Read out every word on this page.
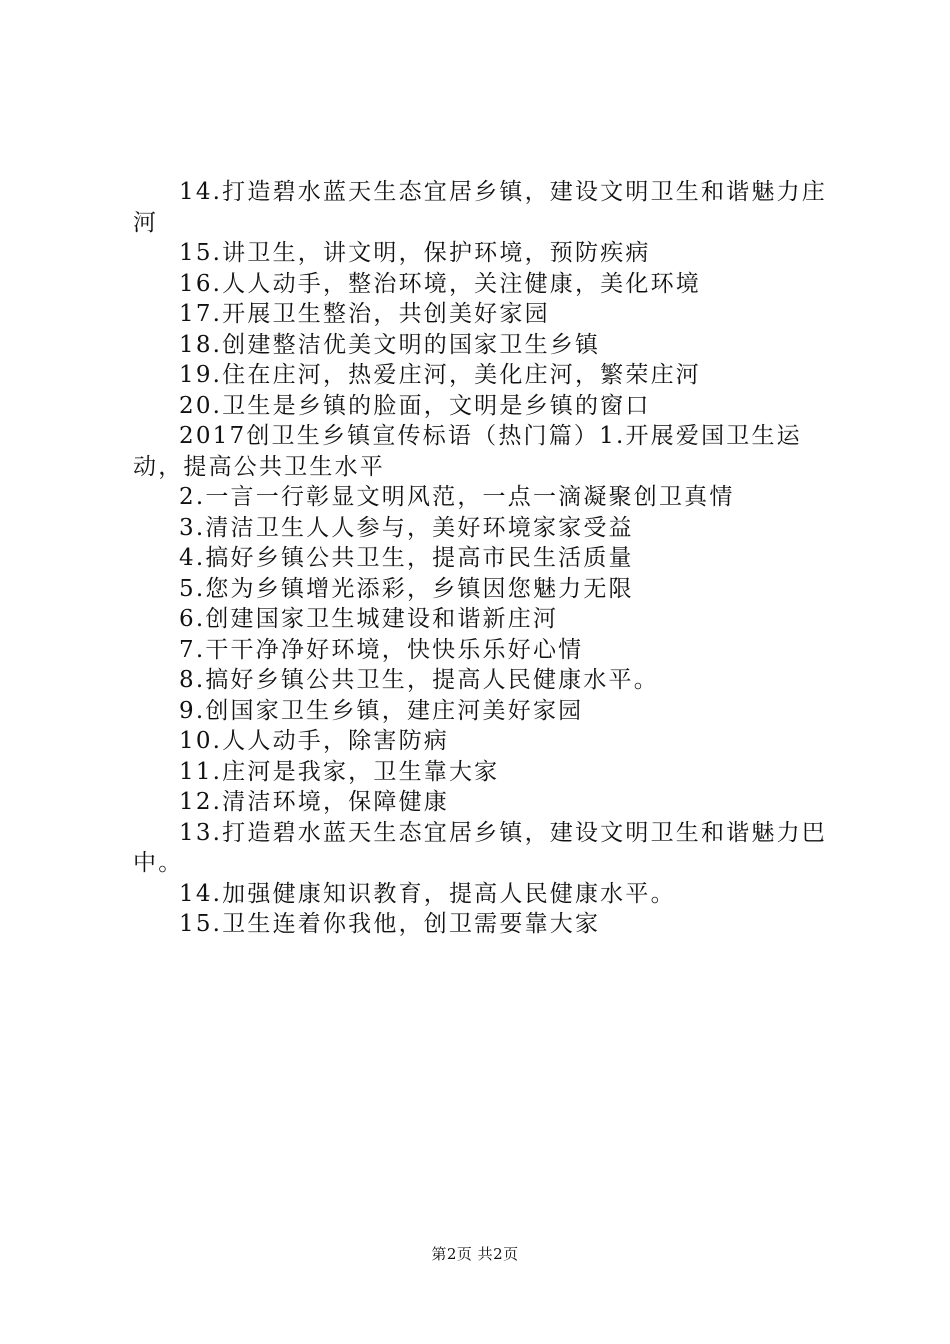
14.打造碧水蓝天生态宜居乡镇，建设文明卫生和谐魅力庄河

15.讲卫生，讲文明，保护环境，预防疾病

16.人人动手，整治环境，关注健康，美化环境

17.开展卫生整治，共创美好家园

18.创建整洁优美文明的国家卫生乡镇

19.住在庄河，热爱庄河，美化庄河，繁荣庄河

20.卫生是乡镇的脸面，文明是乡镇的窗口

2017创卫生乡镇宣传标语（热门篇）1.开展爱国卫生运动，提高公共卫生水平

2.一言一行彰显文明风范，一点一滴凝聚创卫真情

3.清洁卫生人人参与，美好环境家家受益

4.搞好乡镇公共卫生，提高市民生活质量

5.您为乡镇增光添彩，乡镇因您魅力无限

6.创建国家卫生城建设和谐新庄河

7.干干净净好环境，快快乐乐好心情

8.搞好乡镇公共卫生，提高人民健康水平。

9.创国家卫生乡镇，建庄河美好家园

10.人人动手，除害防病

11.庄河是我家，卫生靠大家

12.清洁环境，保障健康

13.打造碧水蓝天生态宜居乡镇，建设文明卫生和谐魅力巴中。

14.加强健康知识教育，提高人民健康水平。

15.卫生连着你我他，创卫需要靠大家

第2页 共2页
